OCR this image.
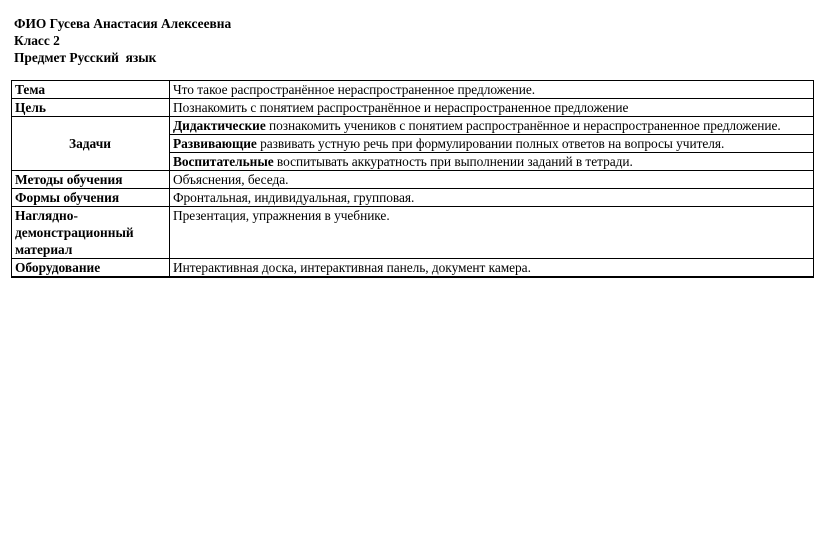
ФИО Гусева Анастасия Алексеевна
Класс 2
Предмет Русский  язык
Тема	Что такое распространённое нераспространенное предложение.
Цель	Познакомить с понятием распространённое и нераспространенное предложение
Задачи	Дидактические познакомить учеников с понятием распространённое и нераспространенное предложение.
	Развивающие развивать устную речь при формулировании полных ответов на вопросы учителя.
	Воспитательные воспитывать аккуратность при выполнении заданий в тетради.
Методы обучения	Объяснения, беседа.
Формы обучения	Фронтальная, индивидуальная, групповая.
Наглядно-демонстрационный материал	Презентация, упражнения в учебнике.
Оборудование	Интерактивная доска, интерактивная панель, документ камера.
